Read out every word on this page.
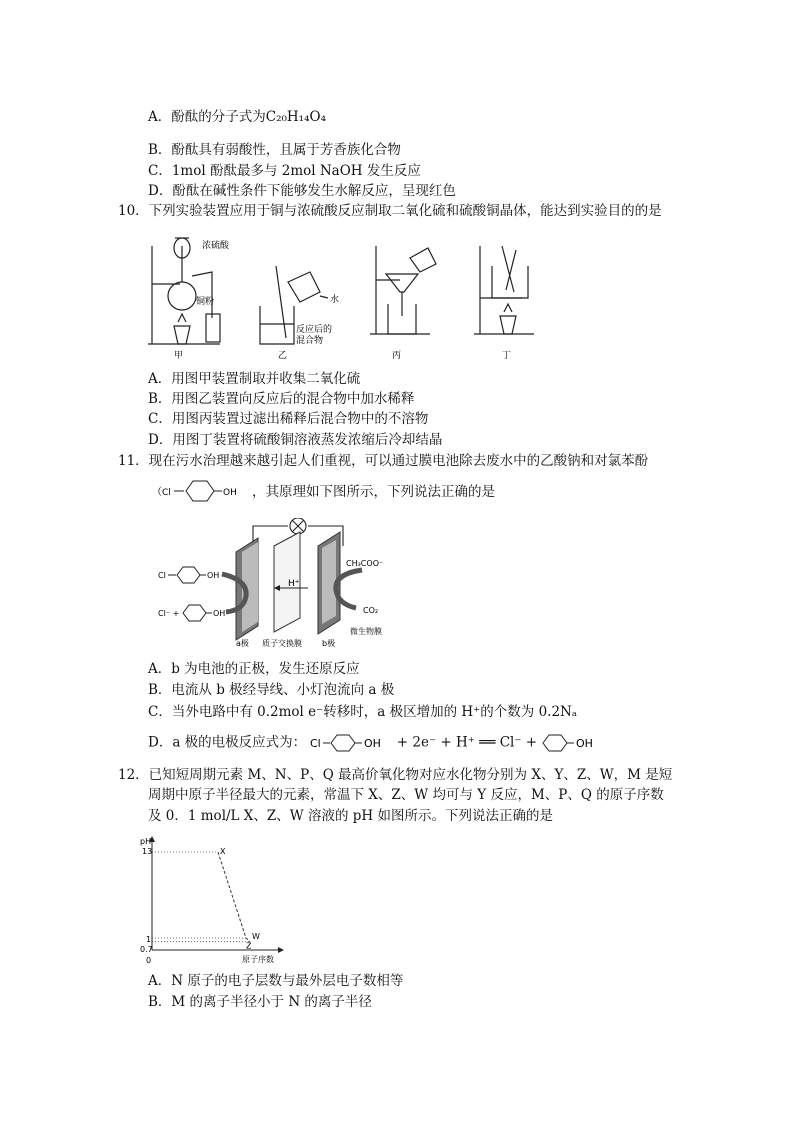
A．酚酞的分子式为C₂₀H₁₄O₄
B．酚酞具有弱酸性，且属于芳香族化合物
C．1mol 酚酞最多与 2mol NaOH 发生反应
D．酚酞在碱性条件下能够发生水解反应，呈现红色
10．下列实验装置应用于铜与浓硫酸反应制取二氧化硫和硫酸铜晶体，能达到实验目的的是
浓硫酸
铜粉	水
反应后的
混合物
甲	乙	丙	丁
A．用图甲装置制取并收集二氧化硫
B．用图乙装置向反应后的混合物中加水稀释
C．用图丙装置过滤出稀释后混合物中的不溶物
D．用图丁装置将硫酸铜溶液蒸发浓缩后冷却结晶
11．现在污水治理越来越引起人们重视，可以通过膜电池除去废水中的乙酸钠和对氯苯酚
（ Cl	OH ，其原理如下图所示，下列说法正确的是
Cl	OH
Cl⁻ +	OH
CH₃COO⁻
CO₂
H⁺
a极 质子交换膜	b极
微生物膜
A．b 为电池的正极，发生还原反应
B．电流从 b 极经导线、小灯泡流向 a 极
C．当外电路中有 0.2mol e⁻转移时，a 极区增加的 H⁺的个数为 0.2Nₐ
D．a 极的电极反应式为： Cl	OH + 2e⁻ + H⁺ ══ Cl⁻ +	OH
12．已知短周期元素 M、N、P、Q 最高价氧化物对应水化物分别为 X、Y、Z、W，M 是短
周期中原子半径最大的元素，常温下 X、Z、W 均可与 Y 反应，M、P、Q 的原子序数
及 0．1 mol/L X、Z、W 溶液的 pH 如图所示。下列说法正确的是
pH
原子序数
13
1
0.7
0
X
W
Z
A．N 原子的电子层数与最外层电子数相等
B．M 的离子半径小于 N 的离子半径
